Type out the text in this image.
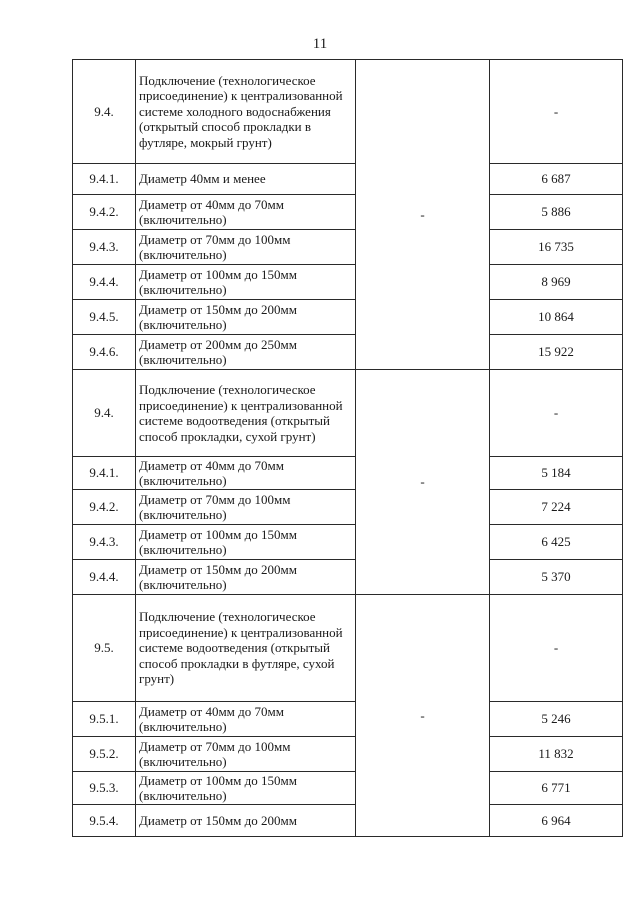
11
9.4.	Подключение (технологическое присоединение) к централизованной системе холодного водоснабжения (открытый способ прокладки в футляре, мокрый грунт)	-	-
9.4.1.	Диаметр 40мм и менее		6 687
9.4.2.	Диаметр от 40мм до 70мм (включительно)		5 886
9.4.3.	Диаметр от 70мм до 100мм (включительно)		16 735
9.4.4.	Диаметр от 100мм до 150мм (включительно)		8 969
9.4.5.	Диаметр от 150мм до 200мм (включительно)		10 864
9.4.6.	Диаметр от 200мм до 250мм (включительно)		15 922
9.4.	Подключение (технологическое присоединение) к централизованной системе водоотведения (открытый способ прокладки, сухой грунт)	-	-
9.4.1.	Диаметр от 40мм до 70мм (включительно)		5 184
9.4.2.	Диаметр от 70мм до 100мм (включительно)		7 224
9.4.3.	Диаметр от 100мм до 150мм (включительно)		6 425
9.4.4.	Диаметр от 150мм до 200мм (включительно)		5 370
9.5.	Подключение (технологическое присоединение) к централизованной системе водоотведения (открытый способ прокладки в футляре, сухой грунт)	-	-
9.5.1.	Диаметр от 40мм до 70мм (включительно)		5 246
9.5.2.	Диаметр от 70мм до 100мм (включительно)		11 832
9.5.3.	Диаметр от 100мм до 150мм (включительно)		6 771
9.5.4.	Диаметр от 150мм до 200мм		6 964
